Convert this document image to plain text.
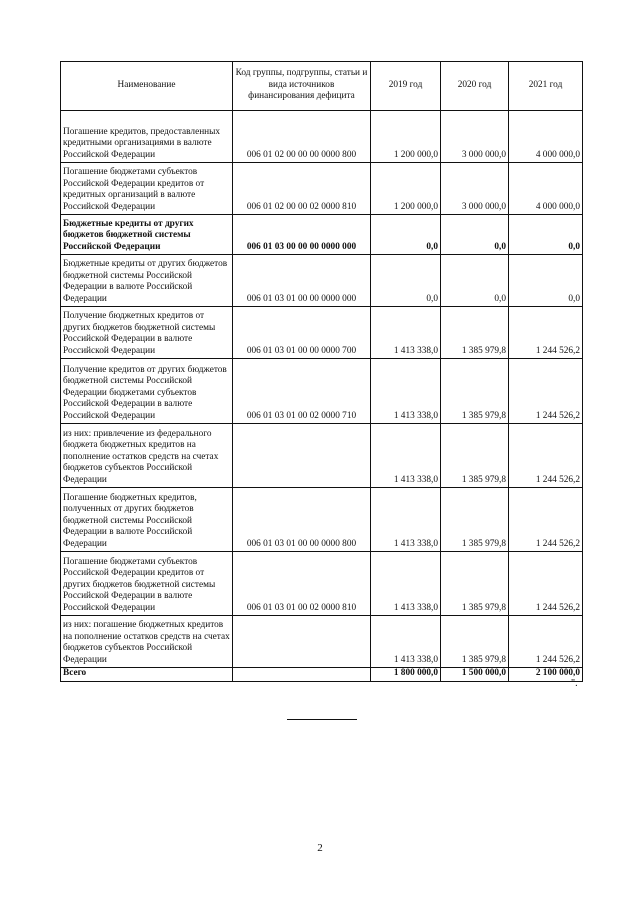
Наименование	Код группы, подгруппы, статьи и вида источников финансирования дефицита	2019 год	2020 год	2021 год
Погашение кредитов, предоставленных кредитными организациями в валюте Российской Федерации	006 01 02 00 00 00 0000 800	1 200 000,0	3 000 000,0	4 000 000,0
Погашение бюджетами субъектов Российской Федерации кредитов от кредитных организаций в валюте Российской Федерации	006 01 02 00 00 02 0000 810	1 200 000,0	3 000 000,0	4 000 000,0
Бюджетные кредиты от других бюджетов бюджетной системы Российской Федерации	006 01 03 00 00 00 0000 000	0,0	0,0	0,0
Бюджетные кредиты от других бюджетов бюджетной системы Российской Федерации в валюте Российской Федерации	006 01 03 01 00 00 0000 000	0,0	0,0	0,0
Получение бюджетных кредитов от других бюджетов бюджетной системы Российской Федерации в валюте Российской Федерации	006 01 03 01 00 00 0000 700	1 413 338,0	1 385 979,8	1 244 526,2
Получение кредитов от других бюджетов бюджетной системы Российской Федерации бюджетами субъектов Российской Федерации в валюте Российской Федерации	006 01 03 01 00 02 0000 710	1 413 338,0	1 385 979,8	1 244 526,2
из них: привлечение из федерального бюджета бюджетных кредитов на пополнение остатков средств на счетах бюджетов субъектов Российской Федерации		1 413 338,0	1 385 979,8	1 244 526,2
Погашение бюджетных кредитов, полученных от других бюджетов бюджетной системы Российской Федерации в валюте Российской Федерации	006 01 03 01 00 00 0000 800	1 413 338,0	1 385 979,8	1 244 526,2
Погашение бюджетами субъектов Российской Федерации кредитов от других бюджетов бюджетной системы Российской Федерации в валюте Российской Федерации	006 01 03 01 00 02 0000 810	1 413 338,0	1 385 979,8	1 244 526,2
из них: погашение бюджетных кредитов на пополнение остатков средств на счетах бюджетов субъектов Российской Федерации		1 413 338,0	1 385 979,8	1 244 526,2
Всего		1 800 000,0	1 500 000,0	2 100 000,0
".
2
